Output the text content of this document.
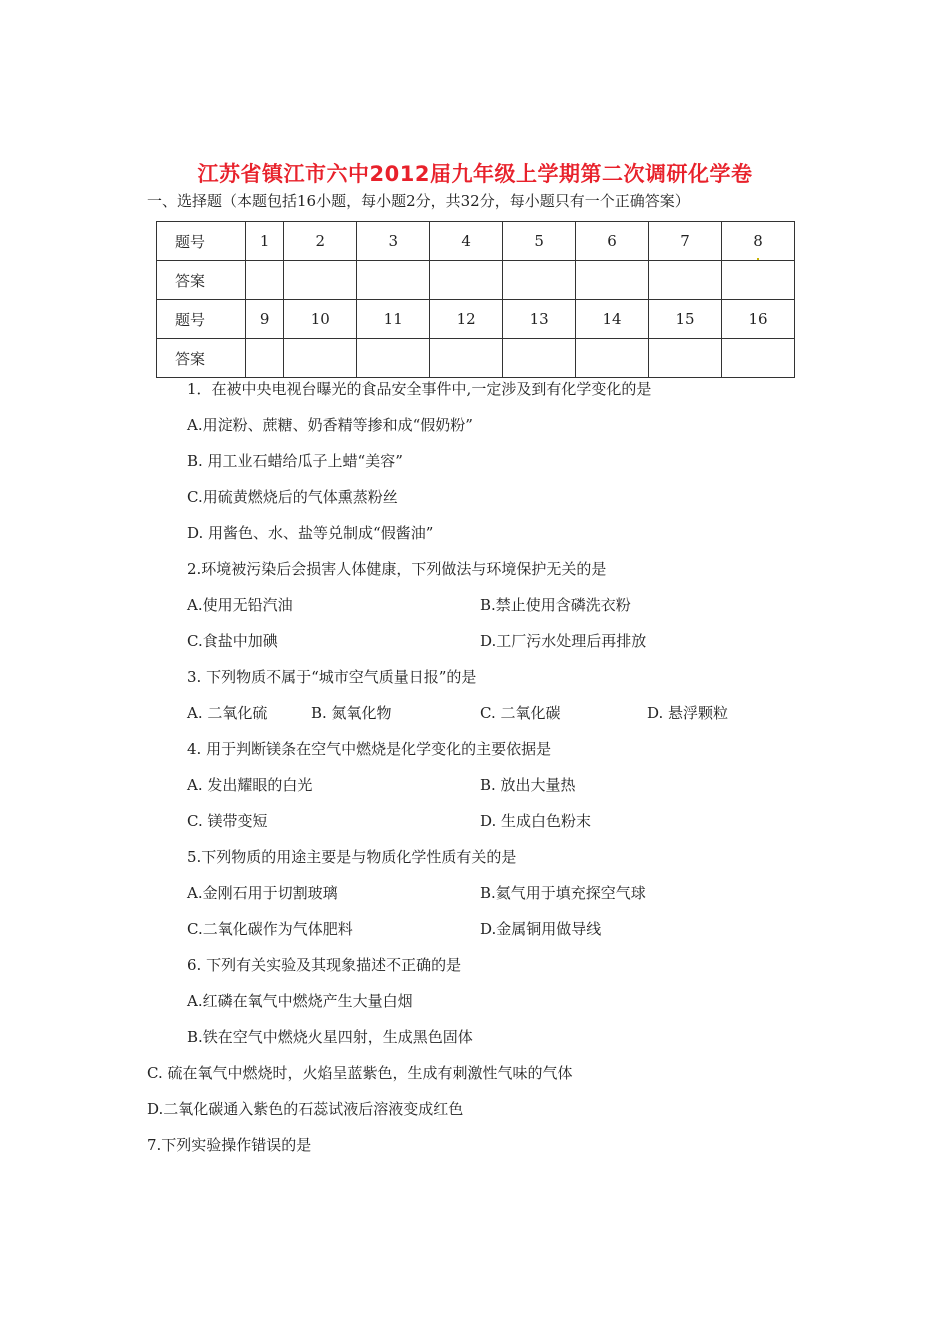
江苏省镇江市六中2012届九年级上学期第二次调研化学卷
一、选择题（本题包括16小题，每小题2分，共32分，每小题只有一个正确答案）
题号	1	2	3	4	5	6	7	8
答案								
题号	9	10	11	12	13	14	15	16
答案								
1．在被中央电视台曝光的食品安全事件中,一定涉及到有化学变化的是
A.用淀粉、蔗糖、奶香精等掺和成“假奶粉”
B. 用工业石蜡给瓜子上蜡“美容”
C.用硫黄燃烧后的气体熏蒸粉丝
D. 用酱色、水、盐等兑制成“假酱油”
2.环境被污染后会损害人体健康，下列做法与环境保护无关的是
A.使用无铅汽油	B.禁止使用含磷洗衣粉
C.食盐中加碘	D.工厂污水处理后再排放
3. 下列物质不属于“城市空气质量日报”的是
A. 二氧化硫	B. 氮氧化物	C. 二氧化碳	D. 悬浮颗粒
4. 用于判断镁条在空气中燃烧是化学变化的主要依据是
A. 发出耀眼的白光	B. 放出大量热
C. 镁带变短	D. 生成白色粉末
5.下列物质的用途主要是与物质化学性质有关的是
A.金刚石用于切割玻璃	B.氦气用于填充探空气球
C.二氧化碳作为气体肥料	D.金属铜用做导线
6. 下列有关实验及其现象描述不正确的是
A.红磷在氧气中燃烧产生大量白烟
B.铁在空气中燃烧火星四射，生成黑色固体
C. 硫在氧气中燃烧时，火焰呈蓝紫色，生成有刺激性气味的气体
D.二氧化碳通入紫色的石蕊试液后溶液变成红色
7.下列实验操作错误的是
